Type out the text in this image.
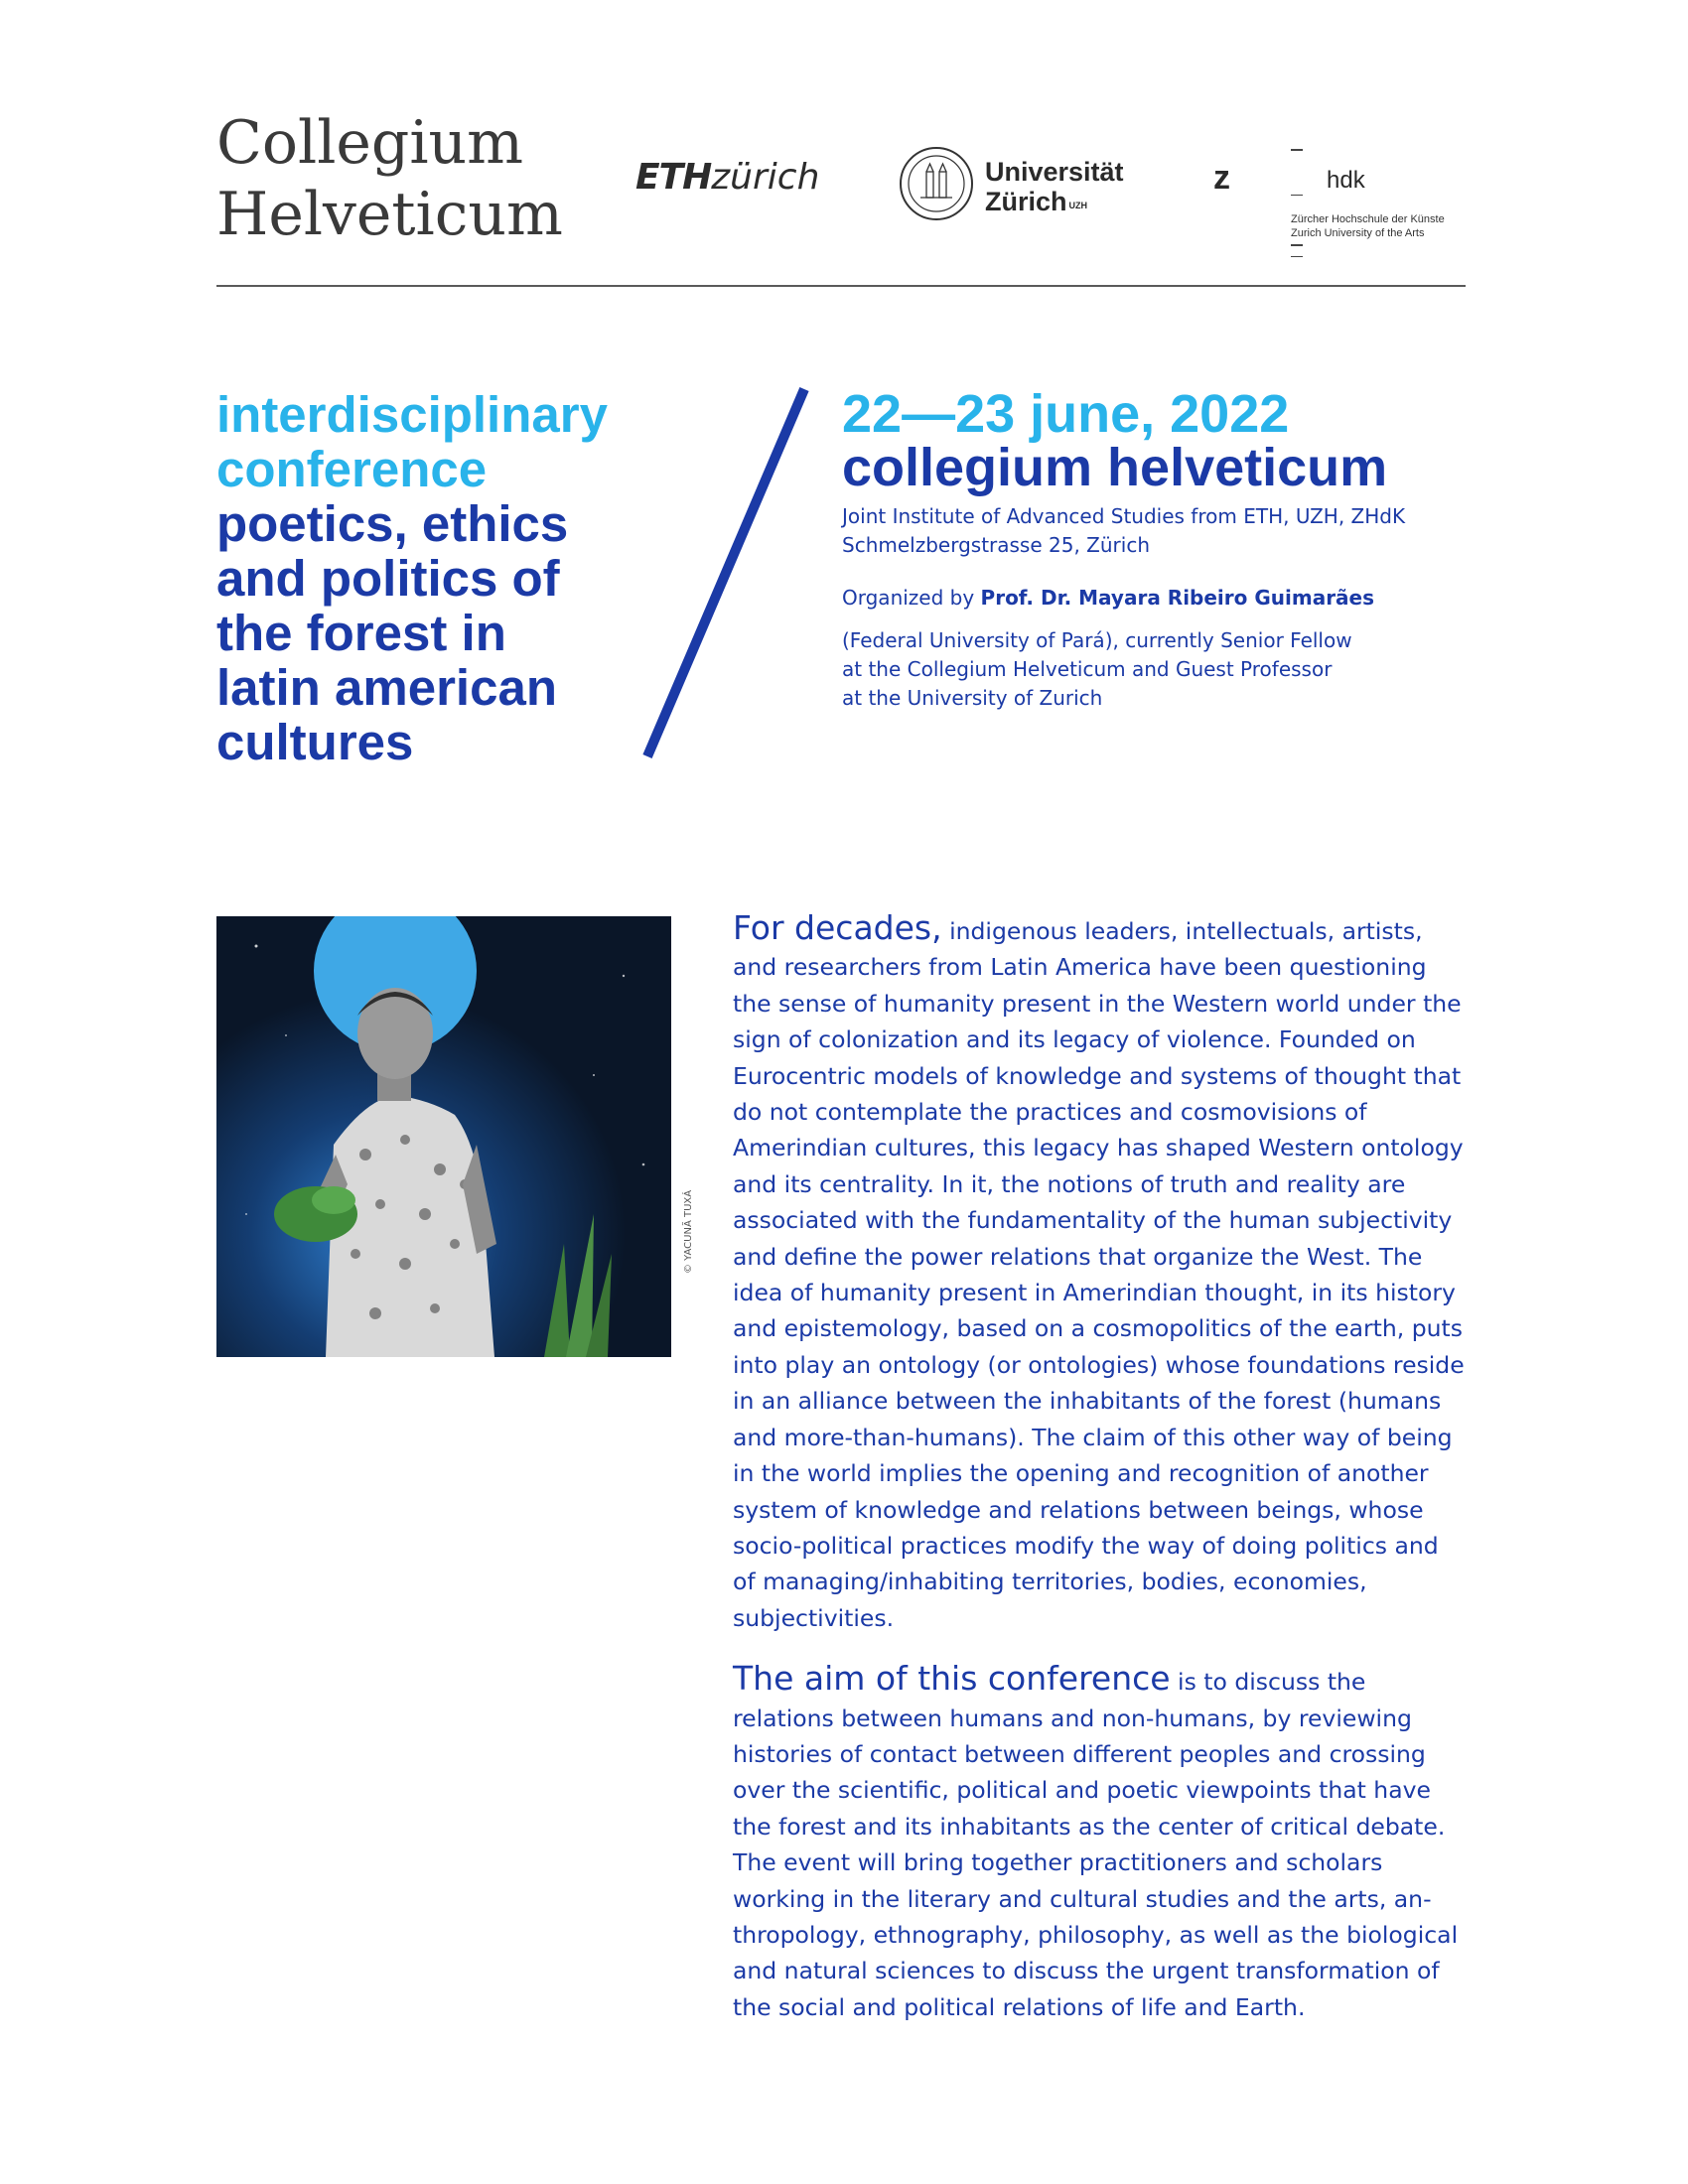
Collegium
Helveticum
ETHzürich	Universität
Zürich $^{UZH}$
z	hdk
Zürcher Hochschule der Künste
Zurich University of the Arts
interdisciplinary
conference
poetics, ethics
and politics of
the forest in
latin american
cultures
22—23 june, 2022
collegium helveticum
Joint Institute of Advanced Studies from ETH, UZH, ZHdK
Schmelzbergstrasse 25, Zürich
Organized by Prof. Dr. Mayara Ribeiro Guimarães
(Federal University of Pará), currently Senior Fellow
at the Collegium Helveticum and Guest Professor
at the University of Zurich
© YACUNÃ TUXÁ

For decades, indigenous leaders, intellectuals, artists, and researchers from Latin America have been questioning the sense of humanity present in the Western world under the sign of colonization and its legacy of violence. Founded on Eurocentric models of knowledge and systems of thought that do not contemplate the practices and cosmovisions of Amerindian cultures, this legacy has shaped Western ontology and its centrality. In it, the notions of truth and reality are associated with the fundamentality of the human subjectivity and define the power relations that organize the West. The idea of humanity present in Amerindian thought, in its history and epistemology, based on a cosmopolitics of the earth, puts into play an ontology (or ontologies) whose foundations reside in an alliance between the inhabitants of the forest (humans and more-than-humans). The claim of this other way of being in the world implies the opening and recognition of another system of knowledge and relations between beings, whose socio-political practices modify the way of doing politics and of managing/inhabiting territories, bodies, economies, subjectivities.

The aim of this conference is to discuss the relations between humans and non-humans, by reviewing histories of contact between different peoples and crossing over the scientific, political and poetic viewpoints that have the forest and its inhabitants as the center of critical debate. The event will bring together practitioners and scholars working in the literary and cultural studies and the arts, anthropology, ethnography, philosophy, as well as the biological and natural sciences to discuss the urgent transformation of the social and political relations of life and Earth.
